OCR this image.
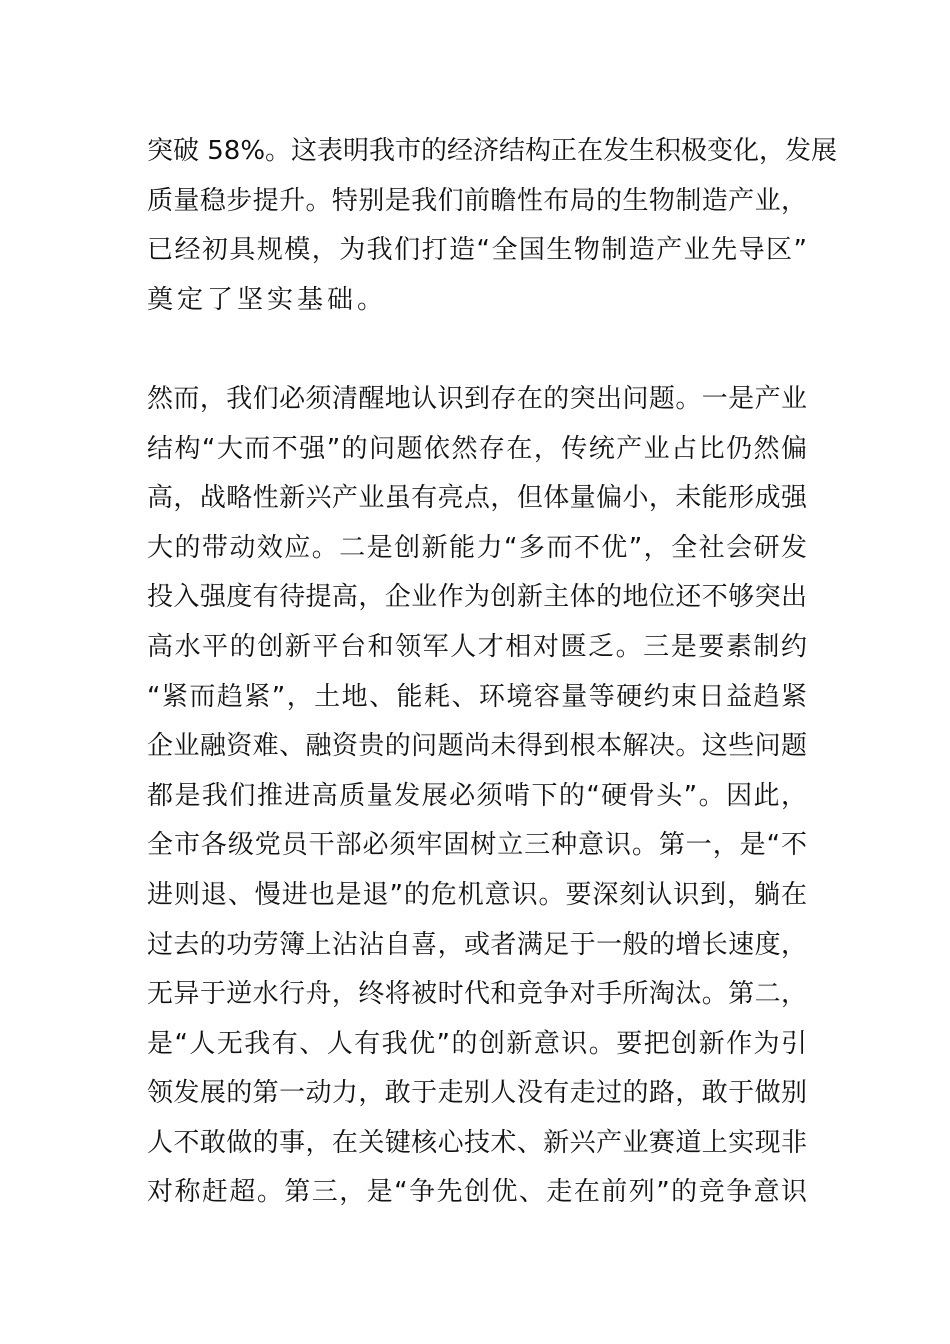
突破 58%。这表明我市的经济结构正在发生积极变化，发展
质量稳步提升。特别是我们前瞻性布局的生物制造产业，
已经初具规模，为我们打造“全国生物制造产业先导区”
奠定了坚实基础。
然而，我们必须清醒地认识到存在的突出问题。一是产业
结构“大而不强”的问题依然存在，传统产业占比仍然偏
高，战略性新兴产业虽有亮点，但体量偏小，未能形成强
大的带动效应。二是创新能力“多而不优”，全社会研发
投入强度有待提高，企业作为创新主体的地位还不够突出
高水平的创新平台和领军人才相对匮乏。三是要素制约
“紧而趋紧”，土地、能耗、环境容量等硬约束日益趋紧
企业融资难、融资贵的问题尚未得到根本解决。这些问题
都是我们推进高质量发展必须啃下的“硬骨头”。因此，
全市各级党员干部必须牢固树立三种意识。第一，是“不
进则退、慢进也是退”的危机意识。要深刻认识到，躺在
过去的功劳簿上沾沾自喜，或者满足于一般的增长速度，
无异于逆水行舟，终将被时代和竞争对手所淘汰。第二，
是“人无我有、人有我优”的创新意识。要把创新作为引
领发展的第一动力，敢于走别人没有走过的路，敢于做别
人不敢做的事，在关键核心技术、新兴产业赛道上实现非
对称赶超。第三，是“争先创优、走在前列”的竞争意识
